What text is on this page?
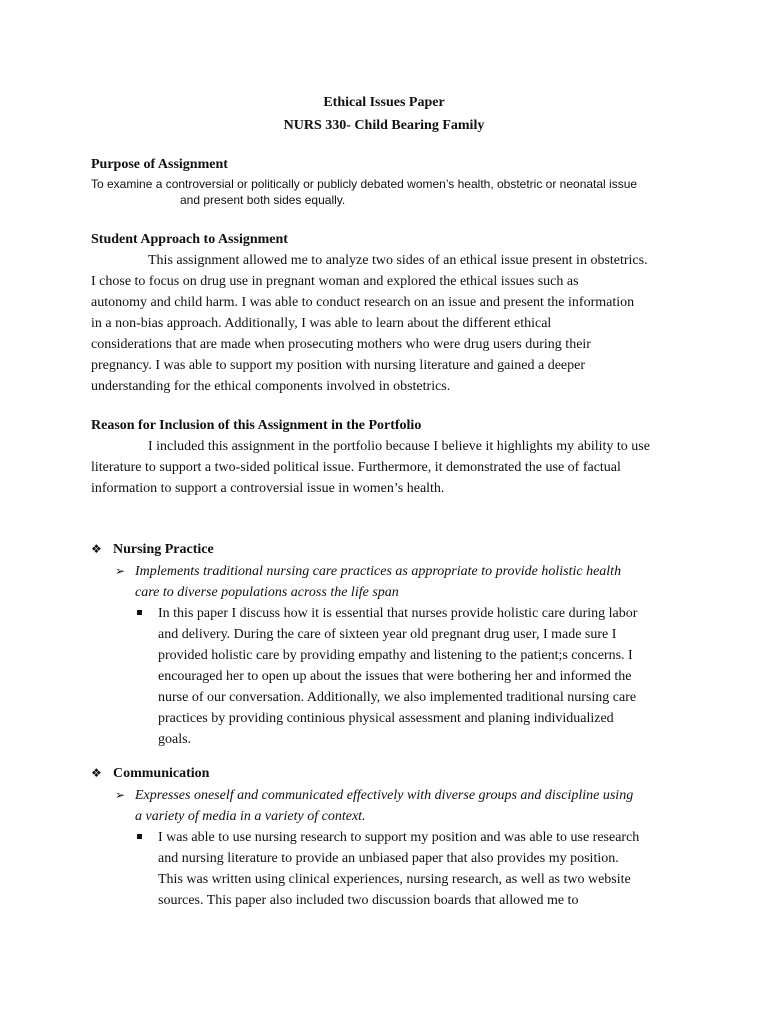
Ethical Issues Paper
NURS 330- Child Bearing Family
Purpose of Assignment
To examine a controversial or politically or publicly debated women’s health, obstetric or neonatal issue
and present both sides equally.
Student Approach to Assignment
This assignment allowed me to analyze two sides of an ethical issue present in obstetrics.
I chose to focus on drug use in pregnant woman and explored the ethical issues such as
autonomy and child harm. I was able to conduct research on an issue and present the information
in a non-bias approach. Additionally, I was able to learn about the different ethical
considerations that are made when prosecuting mothers who were drug users during their
pregnancy. I was able to support my position with nursing literature and gained a deeper
understanding for the ethical components involved in obstetrics.
Reason for Inclusion of this Assignment in the Portfolio
I included this assignment in the portfolio because I believe it highlights my ability to use
literature to support a two-sided political issue. Furthermore, it demonstrated the use of factual
information to support a controversial issue in women’s health.
❖ Nursing Practice
➢ Implements traditional nursing care practices as appropriate to provide holistic health
care to diverse populations across the life span
In this paper I discuss how it is essential that nurses provide holistic care during labor
and delivery. During the care of sixteen year old pregnant drug user, I made sure I
provided holistic care by providing empathy and listening to the patient;s concerns. I
encouraged her to open up about the issues that were bothering her and informed the
nurse of our conversation. Additionally, we also implemented traditional nursing care
practices by providing continious physical assessment and planing individualized
goals.
❖ Communication
➢ Expresses oneself and communicated effectively with diverse groups and discipline using
a variety of media in a variety of context.
I was able to use nursing research to support my position and was able to use research
and nursing literature to provide an unbiased paper that also provides my position.
This was written using clinical experiences, nursing research, as well as two website
sources. This paper also included two discussion boards that allowed me to
